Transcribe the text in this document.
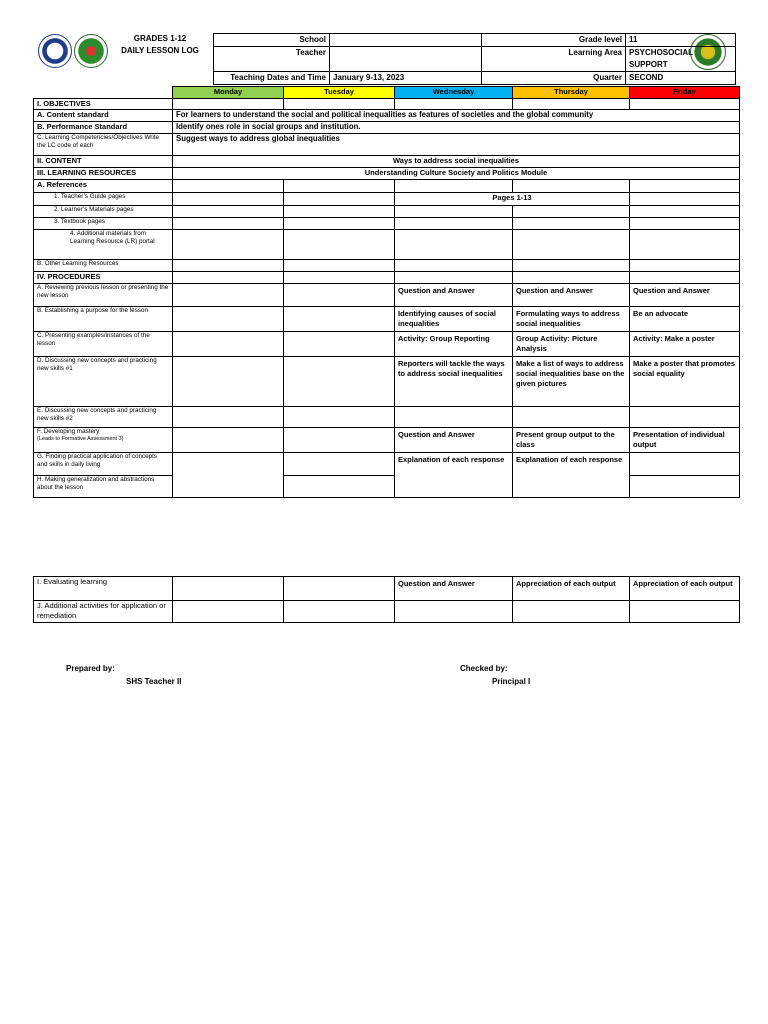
GRADES 1-12
DAILY LESSON LOG
School		Grade level	11
Teacher		Learning Area	PSYCHOSOCIAL SUPPORT
Teaching Dates and Time	January 9-13, 2023	Quarter	SECOND
	Monday	Tuesday	Wednesday	Thursday	Friday
I. OBJECTIVES					
A. Content standard	For learners to understand the social and political inequalities as features of societies and the global community				
B. Performance Standard	Identify ones role in social groups and institution.				
C. Learning Competencies/Objectives Write the LC code of each	Suggest ways to address global inequalities				
II. CONTENT	Ways to address social inequalities				
III. LEARNING RESOURCES	Understanding Culture Society and Politics Module				
A. References					
1. Teacher’s Guide pages			Pages 1-13		
2. Learner’s Materials pages					
3. Textbook pages					
4. Additional materials from Learning Resource (LR) portal					
B. Other Learning Resources					
IV. PROCEDURES					
A. Reviewing previous lesson or presenting the new lesson			Question and Answer	Question and Answer	Question and Answer
B. Establishing a purpose for the lesson			Identifying causes of social inequalities	Formulating ways to address social inequalities	Be an advocate
C. Presenting examples/instances of the lesson			Activity: Group Reporting	Group Activity: Picture Analysis	Activity: Make a poster
D. Discussing new concepts and practicing new skills #1			Reporters will tackle the ways to address social inequalities	Make a list of ways to address social inequalities base on the given pictures	Make a poster that promotes social equality
E. Discussing new concepts and practicing new skills #2					

F. Developing mastery
(Leads to Formative Assessment 3)			Question and Answer	Present group output to the class	Presentation of individual output
G. Finding practical application of concepts and skills in daily living			Explanation of each response	Explanation of each response	
H. Making generalization and abstractions about the lesson					
I. Evaluating learning			Question and Answer	Appreciation of each output	Appreciation of each output
J. Additional activities for application or remediation					
Prepared by:
SHS Teacher II
Checked by:
Principal I
